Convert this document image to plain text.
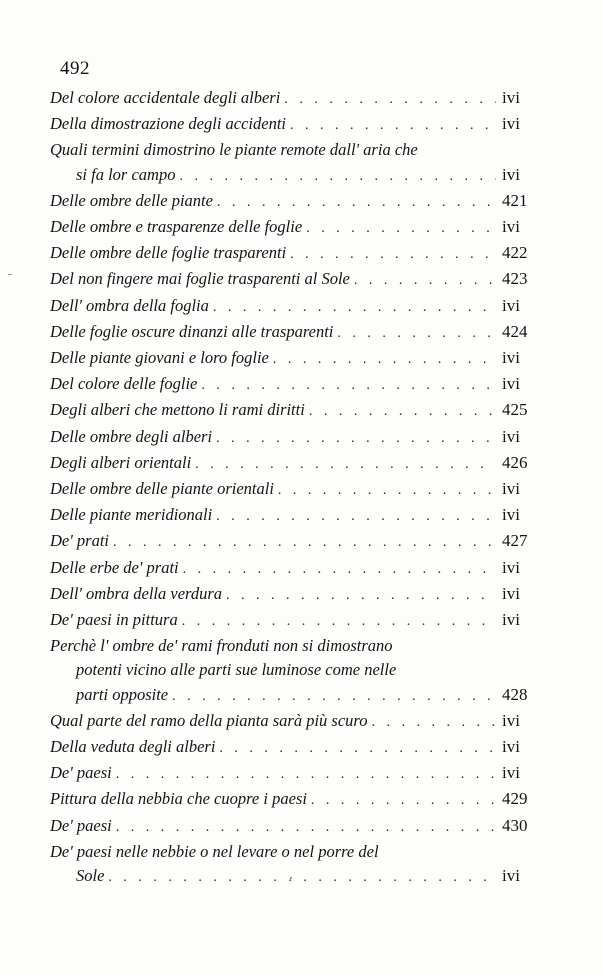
492
Del colore accidentale degli alberi . . .	ivi
Della dimostrazione degli accidenti . . .	ivi
Quali termini dimostrino le piante remote dall' aria che
si fa lor campo . . .	ivi
Delle ombre delle piante . . .	421
Delle ombre e trasparenze delle foglie . . .	ivi
Delle ombre delle foglie trasparenti . . .	422
Del non fingere mai foglie trasparenti al Sole . . .	423
Dell' ombra della foglia . . .	ivi
Delle foglie oscure dinanzi alle trasparenti . . .	424
Delle piante giovani e loro foglie . . .	ivi
Del colore delle foglie . . .	ivi
Degli alberi che mettono li rami diritti . . .	425
Delle ombre degli alberi . . .	ivi
Degli alberi orientali . . .	426
Delle ombre delle piante orientali . . .	ivi
Delle piante meridionali . . .	ivi
De' prati . . .	427
Delle erbe de' prati . . .	ivi
Dell' ombra della verdura . . .	ivi
De' paesi in pittura . . .	ivi
Perchè l' ombre de' rami fronduti non si dimostrano
potenti vicino alle parti sue luminose come nelle
parti opposite . . .	428
Qual parte del ramo della pianta sarà più scuro . . .	ivi
Della veduta degli alberi . . .	ivi
De' paesi . . .	ivi
Pittura della nebbia che cuopre i paesi . . .	429
De' paesi . . .	430
De' paesi nelle nebbie o nel levare o nel porre del
Sole . . .	ivi
